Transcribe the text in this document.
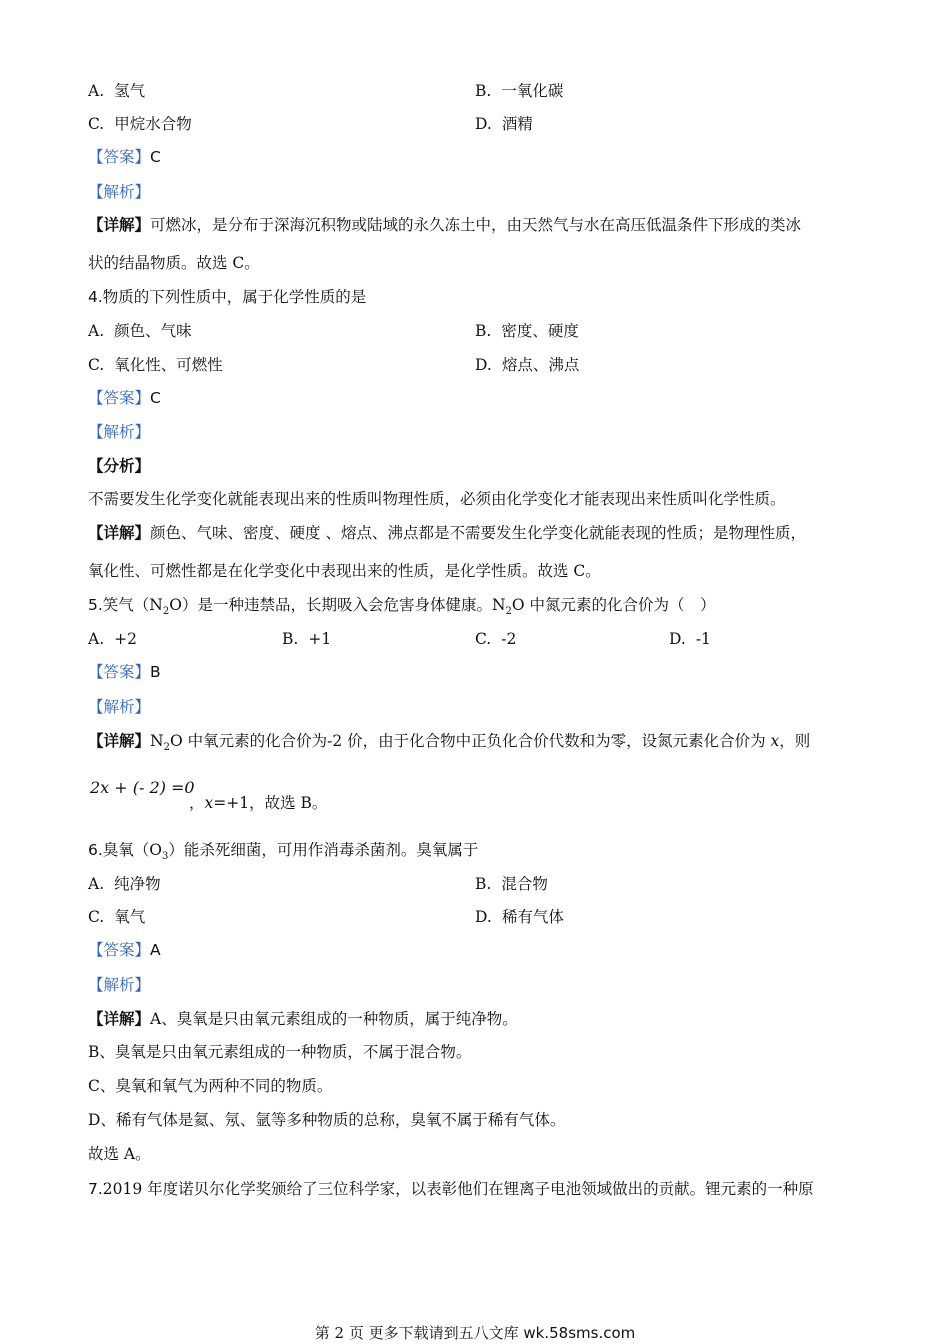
A. 氢气	B. 一氧化碳
C. 甲烷水合物	D. 酒精
【答案】C
【解析】
【详解】可燃冰，是分布于深海沉积物或陆域的永久冻土中，由天然气与水在高压低温条件下形成的类冰
状的结晶物质。故选 C。
4.物质的下列性质中，属于化学性质的是
A. 颜色、气味	B. 密度、硬度
C. 氧化性、可燃性	D. 熔点、沸点
【答案】C
【解析】
【分析】
不需要发生化学变化就能表现出来的性质叫物理性质，必须由化学变化才能表现出来性质叫化学性质。
【详解】颜色、气味、密度、硬度 、熔点、沸点都是不需要发生化学变化就能表现的性质；是物理性质，
氧化性、可燃性都是在化学变化中表现出来的性质，是化学性质。故选 C。
5.笑气$(N_2O)$是一种违禁品，长期吸入会危害身体健康。$N_2O$ 中氮元素的化合价为（　）
A. +2	B. +1	C. -2	D. -1
【答案】B
【解析】
【详解】$N_2O$ 中氧元素的化合价为-2 价，由于化合物中正负化合价代数和为零，设氮元素化合价为 x，则
2x + (- 2) =0
，x=+1，故选 B。
6.臭氧$(O_3)$能杀死细菌，可用作消毒杀菌剂。臭氧属于
A. 纯净物	B. 混合物
C. 氧气	D. 稀有气体
【答案】A
【解析】
【详解】A、臭氧是只由氧元素组成的一种物质，属于纯净物。
B、臭氧是只由氧元素组成的一种物质，不属于混合物。
C、臭氧和氧气为两种不同的物质。
D、稀有气体是氦、氖、氩等多种物质的总称，臭氧不属于稀有气体。
故选 A。
7.2019 年度诺贝尔化学奖颁给了三位科学家，以表彰他们在锂离子电池领域做出的贡献。锂元素的一种原
第 2 页 更多下载请到五八文库 wk.58sms.com
